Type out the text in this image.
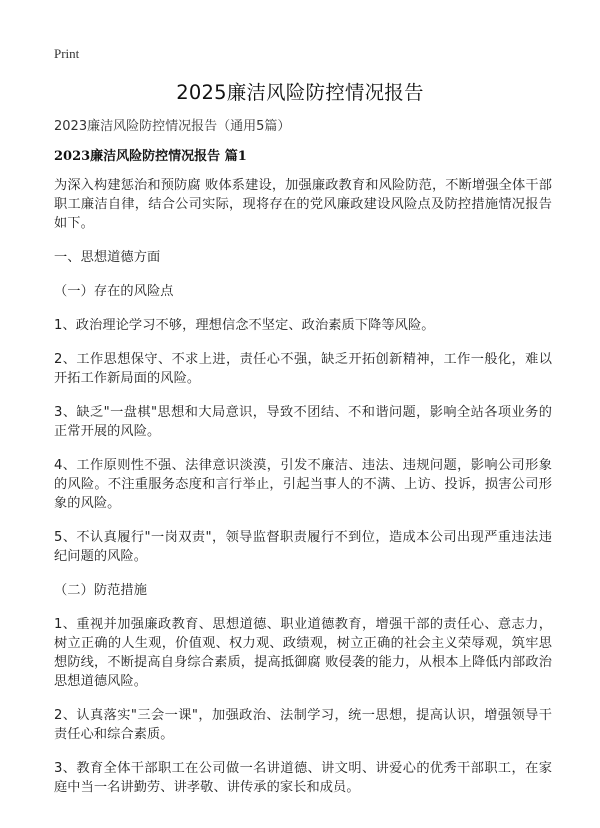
Print
2025廉洁风险防控情况报告
2023廉洁风险防控情况报告（通用5篇）
2023廉洁风险防控情况报告 篇1

为深入构建惩治和预防腐 败体系建设，加强廉政教育和风险防范，不断增强全体干部职工廉洁自律，结合公司实际，现将存在的党风廉政建设风险点及防控措施情况报告如下。

一、思想道德方面

（一）存在的风险点

1、政治理论学习不够，理想信念不坚定、政治素质下降等风险。

2、工作思想保守、不求上进，责任心不强，缺乏开拓创新精神，工作一般化，难以开拓工作新局面的风险。

3、缺乏"一盘棋"思想和大局意识，导致不团结、不和谐问题，影响全站各项业务的正常开展的风险。

4、工作原则性不强、法律意识淡漠，引发不廉洁、违法、违规问题，影响公司形象的风险。不注重服务态度和言行举止，引起当事人的不满、上访、投诉，损害公司形象的风险。

5、不认真履行"一岗双责"，领导监督职责履行不到位，造成本公司出现严重违法违纪问题的风险。

（二）防范措施

1、重视并加强廉政教育、思想道德、职业道德教育，增强干部的责任心、意志力，树立正确的人生观，价值观、权力观、政绩观，树立正确的社会主义荣辱观，筑牢思想防线，不断提高自身综合素质，提高抵御腐 败侵袭的能力，从根本上降低内部政治思想道德风险。

2、认真落实"三会一课"，加强政治、法制学习，统一思想，提高认识，增强领导干责任心和综合素质。

3、教育全体干部职工在公司做一名讲道德、讲文明、讲爱心的优秀干部职工，在家庭中当一名讲勤劳、讲孝敬、讲传承的家长和成员。
